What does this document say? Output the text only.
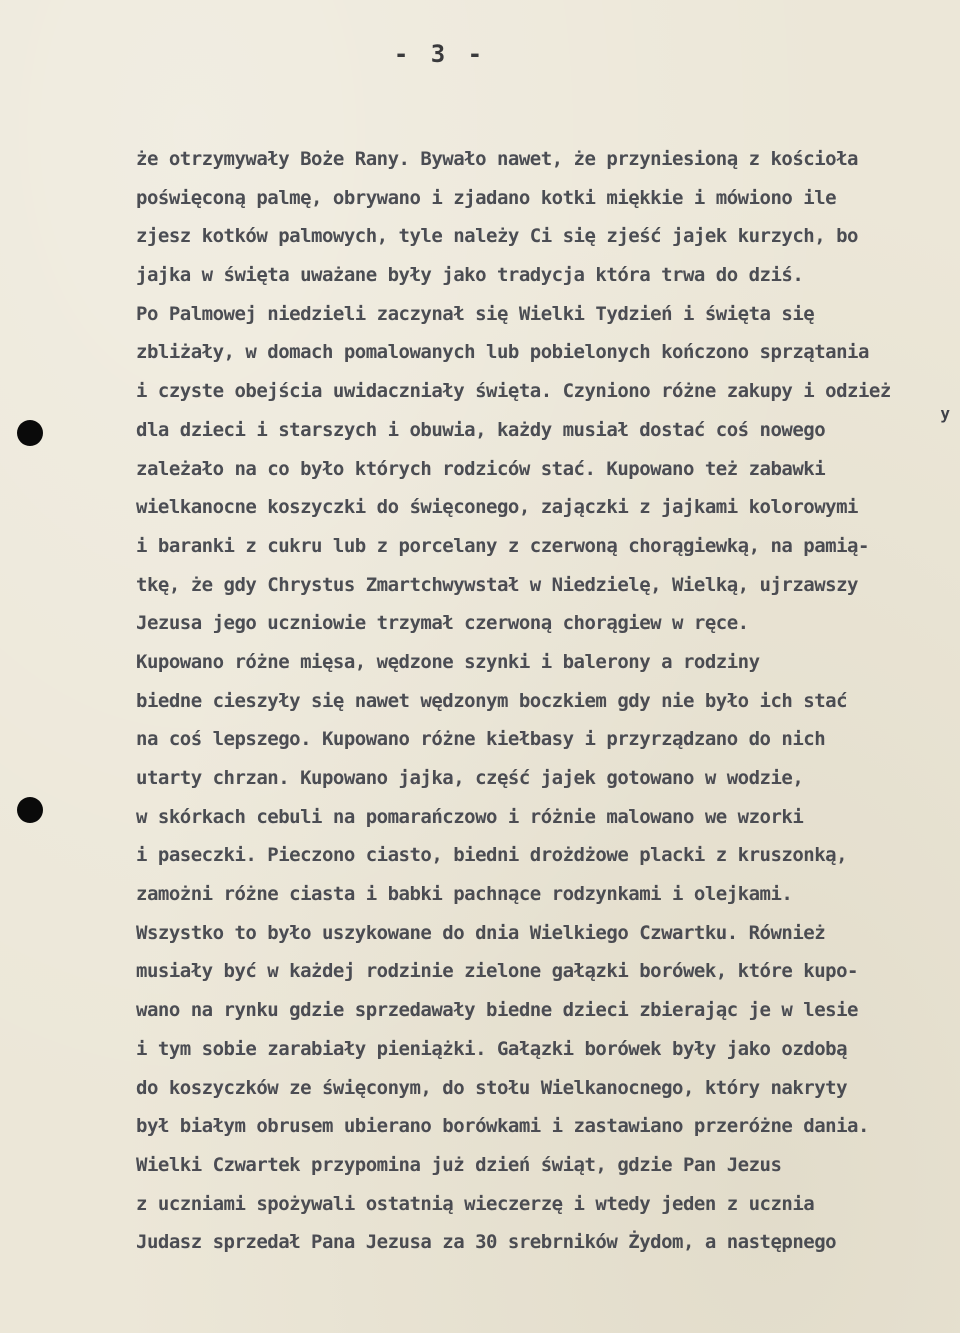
- 3 -
y
że otrzymywały Boże Rany. Bywało nawet, że przyniesioną z kościoła
poświęconą palmę, obrywano i zjadano kotki miękkie i mówiono ile
zjesz kotków palmowych, tyle należy Ci się zjeść jajek kurzych, bo
jajka w święta uważane były jako tradycja która trwa do dziś.
Po Palmowej niedzieli zaczynał się Wielki Tydzień i święta się
zbliżały, w domach pomalowanych lub pobielonych kończono sprzątania
i czyste obejścia uwidaczniały święta. Czyniono różne zakupy i odzież
dla dzieci i starszych i obuwia, każdy musiał dostać coś nowego
zależało na co było których rodziców stać. Kupowano też zabawki
wielkanocne koszyczki do święconego, zajączki z jajkami kolorowymi
i baranki z cukru lub z porcelany z czerwoną chorągiewką, na pamią-
tkę, że gdy Chrystus Zmartchwywstał w Niedzielę, Wielką, ujrzawszy
Jezusa jego uczniowie trzymał czerwoną chorągiew w ręce.
Kupowano różne mięsa, wędzone szynki i balerony a rodziny
biedne cieszyły się nawet wędzonym boczkiem gdy nie było ich stać
na coś lepszego. Kupowano różne kiełbasy i przyrządzano do nich
utarty chrzan. Kupowano jajka, część jajek gotowano w wodzie,
w skórkach cebuli na pomarańczowo i różnie malowano we wzorki
i paseczki. Pieczono ciasto, biedni drożdżowe placki z kruszonką,
zamożni różne ciasta i babki pachnące rodzynkami i olejkami.
Wszystko to było uszykowane do dnia Wielkiego Czwartku. Również
musiały być w każdej rodzinie zielone gałązki borówek, które kupo-
wano na rynku gdzie sprzedawały biedne dzieci zbierając je w lesie
i tym sobie zarabiały pieniążki. Gałązki borówek były jako ozdobą
do koszyczków ze święconym, do stołu Wielkanocnego, który nakryty
był białym obrusem ubierano borówkami i zastawiano przeróżne dania.
Wielki Czwartek przypomina już dzień świąt, gdzie Pan Jezus
z uczniami spożywali ostatnią wieczerzę i wtedy jeden z ucznia
Judasz sprzedał Pana Jezusa za 30 srebrników Żydom, a następnego
